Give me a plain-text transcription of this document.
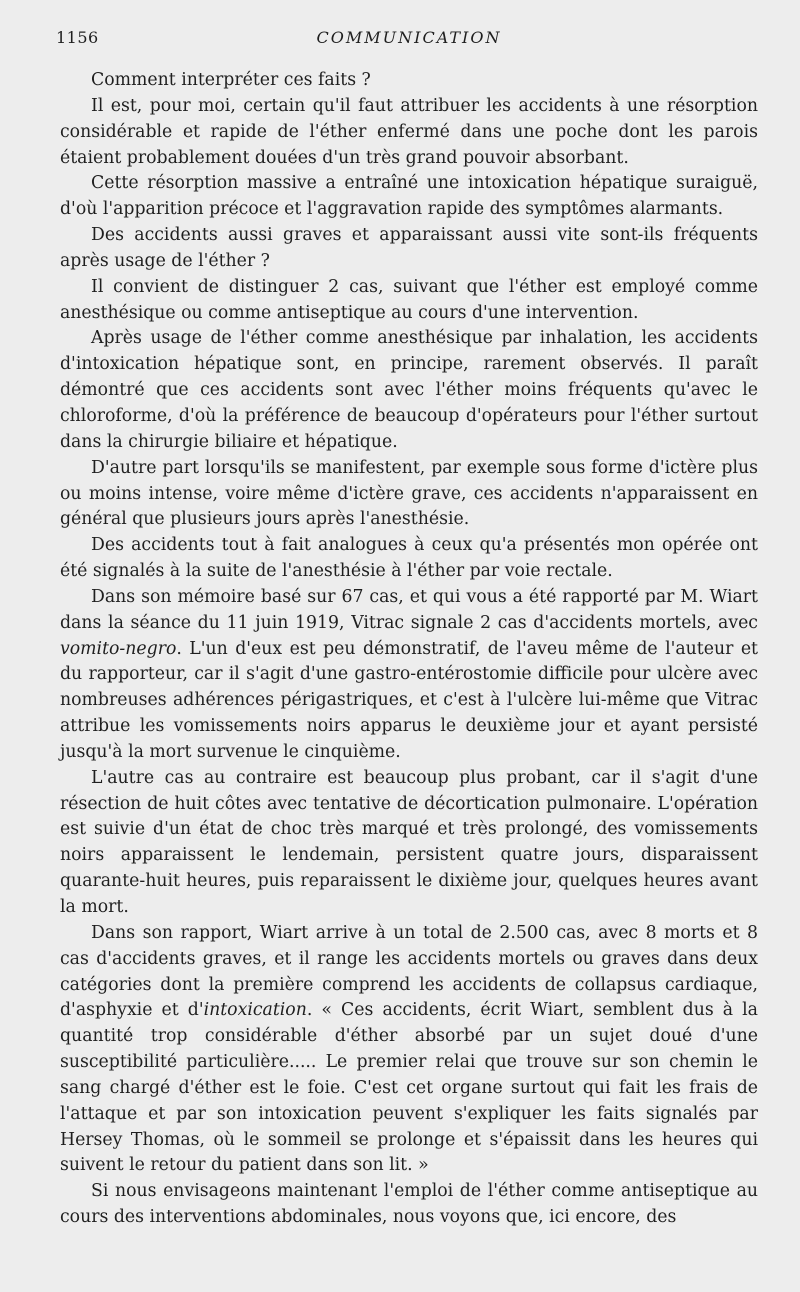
1156	COMMUNICATION

Comment interpréter ces faits ?

Il est, pour moi, certain qu'il faut attribuer les accidents à une résorption considérable et rapide de l'éther enfermé dans une poche dont les parois étaient probablement douées d'un très grand pouvoir absorbant.

Cette résorption massive a entraîné une intoxication hépatique suraiguë, d'où l'apparition précoce et l'aggravation rapide des symptômes alarmants.

Des accidents aussi graves et apparaissant aussi vite sont-ils fréquents après usage de l'éther ?

Il convient de distinguer 2 cas, suivant que l'éther est employé comme anesthésique ou comme antiseptique au cours d'une intervention.

Après usage de l'éther comme anesthésique par inhalation, les accidents d'intoxication hépatique sont, en principe, rarement observés. Il paraît démontré que ces accidents sont avec l'éther moins fréquents qu'avec le chloroforme, d'où la préférence de beaucoup d'opérateurs pour l'éther surtout dans la chirurgie biliaire et hépatique.

D'autre part lorsqu'ils se manifestent, par exemple sous forme d'ictère plus ou moins intense, voire même d'ictère grave, ces accidents n'apparaissent en général que plusieurs jours après l'anesthésie.

Des accidents tout à fait analogues à ceux qu'a présentés mon opérée ont été signalés à la suite de l'anesthésie à l'éther par voie rectale.

Dans son mémoire basé sur 67 cas, et qui vous a été rapporté par M. Wiart dans la séance du 11 juin 1919, Vitrac signale 2 cas d'accidents mortels, avec vomito-negro. L'un d'eux est peu démonstratif, de l'aveu même de l'auteur et du rapporteur, car il s'agit d'une gastro-entérostomie difficile pour ulcère avec nombreuses adhérences périgastriques, et c'est à l'ulcère lui-même que Vitrac attribue les vomissements noirs apparus le deuxième jour et ayant persisté jusqu'à la mort survenue le cinquième.

L'autre cas au contraire est beaucoup plus probant, car il s'agit d'une résection de huit côtes avec tentative de décortication pulmonaire. L'opération est suivie d'un état de choc très marqué et très prolongé, des vomissements noirs apparaissent le lendemain, persistent quatre jours, disparaissent quarante-huit heures, puis reparaissent le dixième jour, quelques heures avant la mort.

Dans son rapport, Wiart arrive à un total de 2.500 cas, avec 8 morts et 8 cas d'accidents graves, et il range les accidents mortels ou graves dans deux catégories dont la première comprend les accidents de collapsus cardiaque, d'asphyxie et d'intoxication. « Ces accidents, écrit Wiart, semblent dus à la quantité trop considérable d'éther absorbé par un sujet doué d'une susceptibilité particulière..... Le premier relai que trouve sur son chemin le sang chargé d'éther est le foie. C'est cet organe surtout qui fait les frais de l'attaque et par son intoxication peuvent s'expliquer les faits signalés par Hersey Thomas, où le sommeil se prolonge et s'épaissit dans les heures qui suivent le retour du patient dans son lit. »

Si nous envisageons maintenant l'emploi de l'éther comme antiseptique au cours des interventions abdominales, nous voyons que, ici encore, des
